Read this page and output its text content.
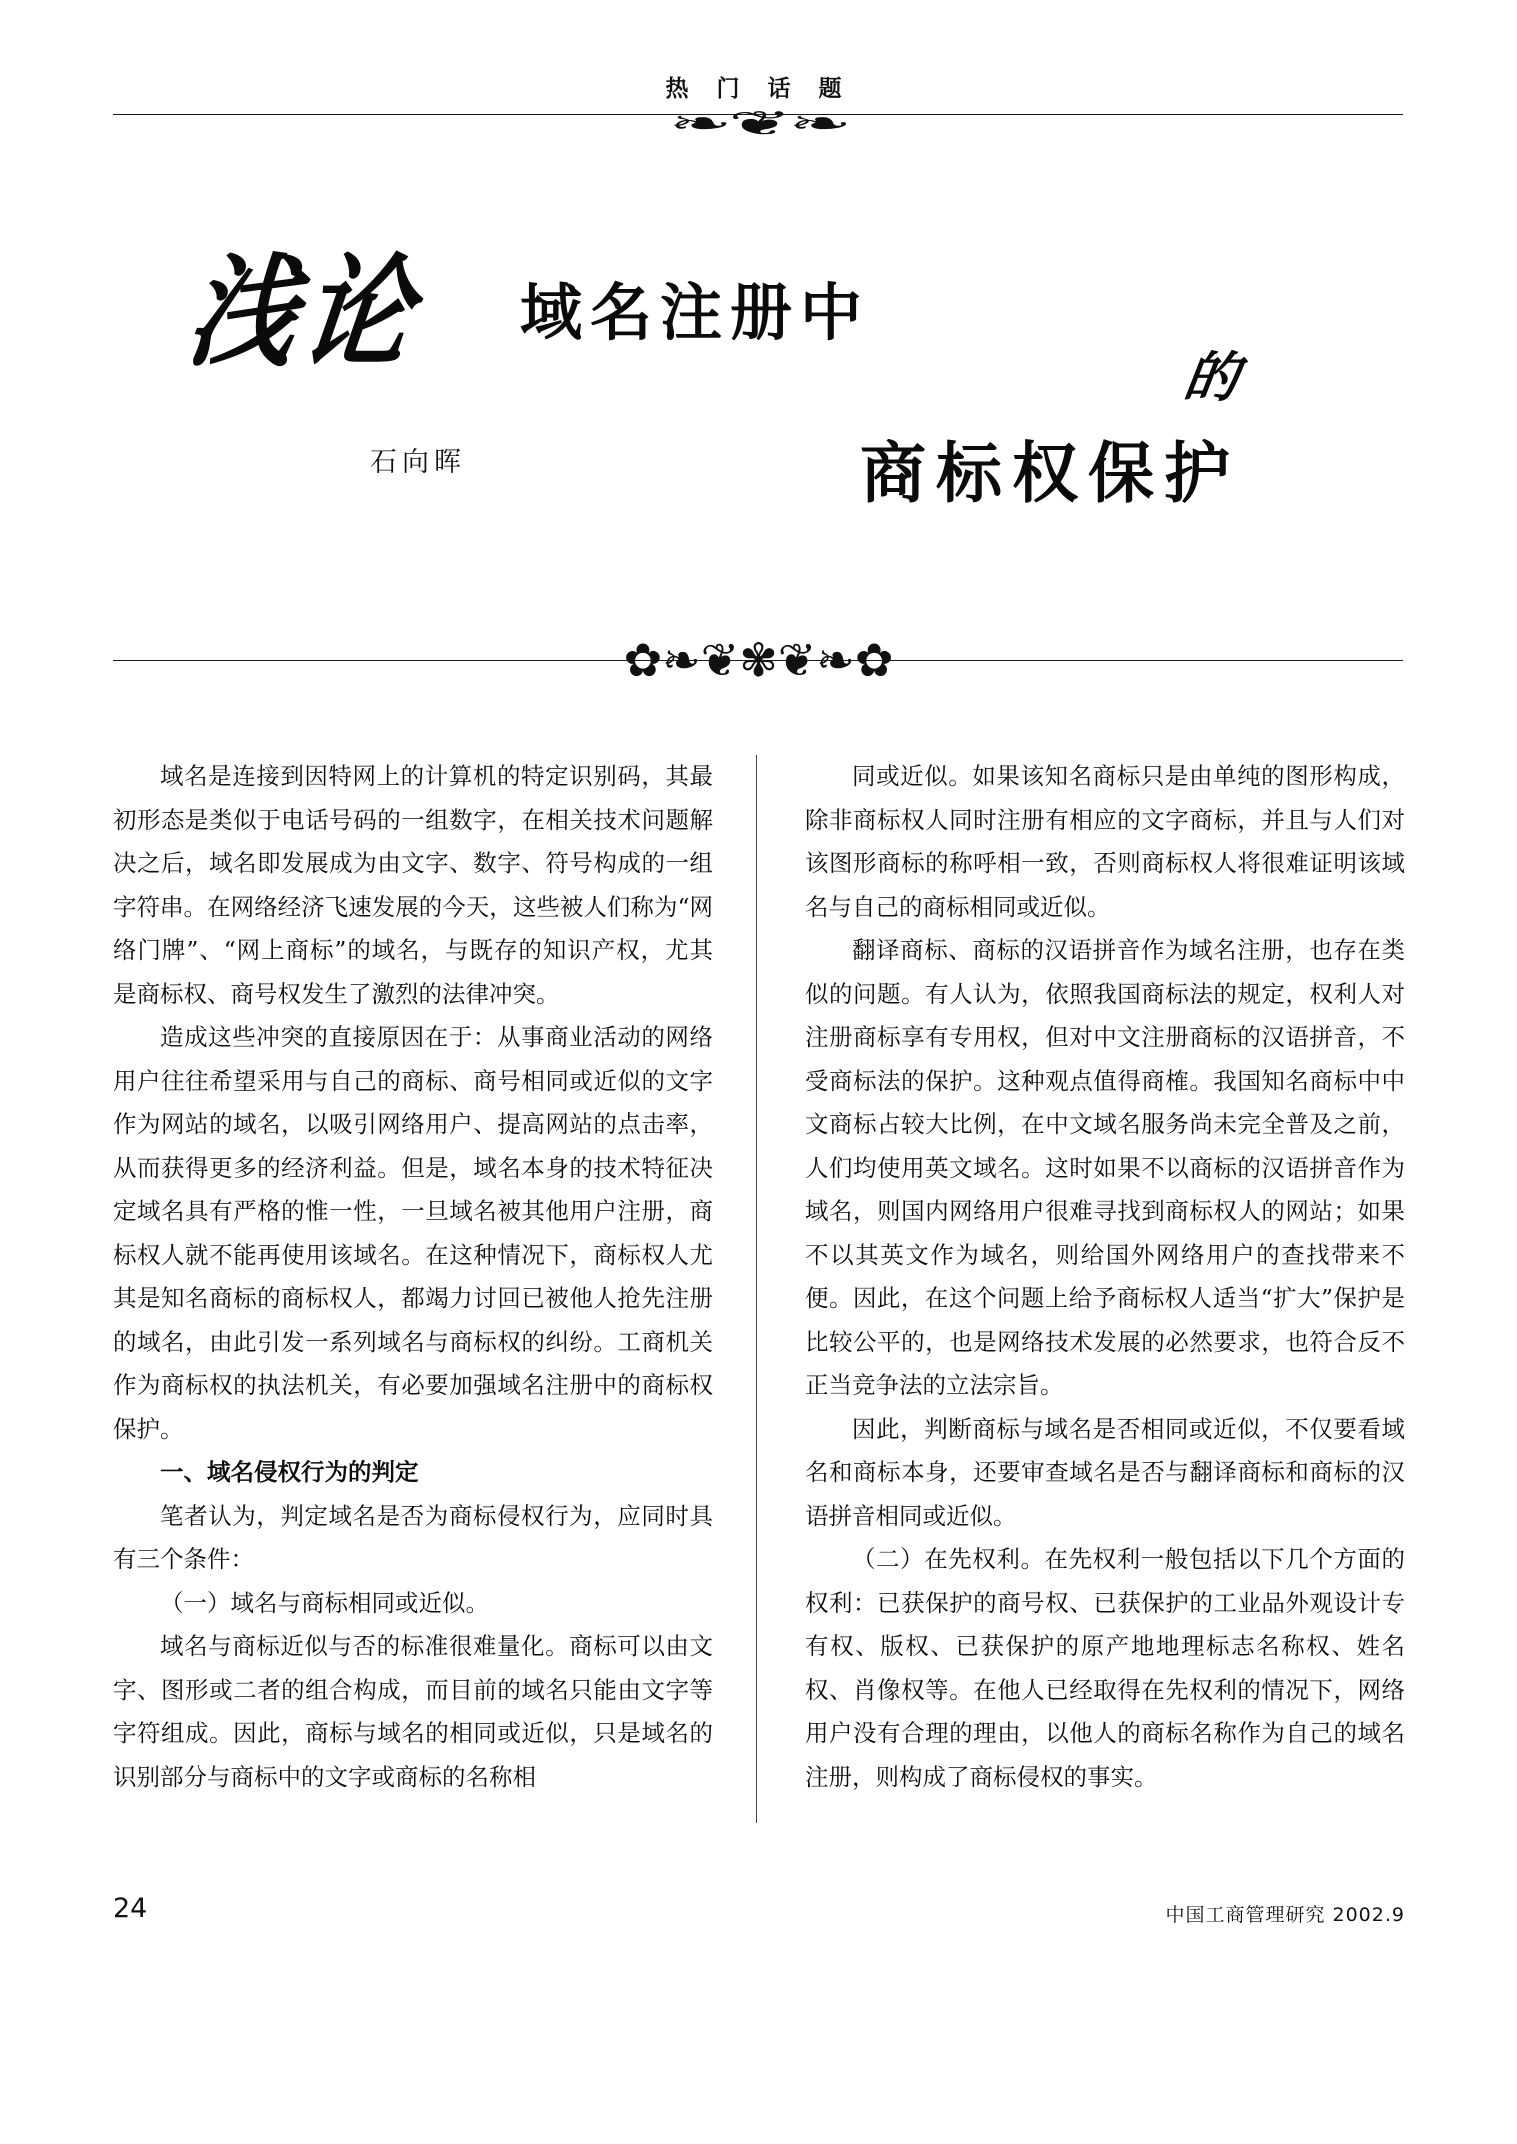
热 门 话 题
❧❦❧
浅论 域名注册中
的
商标权保护
石向晖
✿❧❦✾❦❧✿

域名是连接到因特网上的计算机的特定识别码，其最初形态是类似于电话号码的一组数字，在相关技术问题解决之后，域名即发展成为由文字、数字、符号构成的一组字符串。在网络经济飞速发展的今天，这些被人们称为“网络门牌”、“网上商标”的域名，与既存的知识产权，尤其是商标权、商号权发生了激烈的法律冲突。

造成这些冲突的直接原因在于：从事商业活动的网络用户往往希望采用与自己的商标、商号相同或近似的文字作为网站的域名，以吸引网络用户、提高网站的点击率，从而获得更多的经济利益。但是，域名本身的技术特征决定域名具有严格的惟一性，一旦域名被其他用户注册，商标权人就不能再使用该域名。在这种情况下，商标权人尤其是知名商标的商标权人，都竭力讨回已被他人抢先注册的域名，由此引发一系列域名与商标权的纠纷。工商机关作为商标权的执法机关，有必要加强域名注册中的商标权保护。

一、域名侵权行为的判定

笔者认为，判定域名是否为商标侵权行为，应同时具有三个条件：

（一）域名与商标相同或近似。

域名与商标近似与否的标准很难量化。商标可以由文字、图形或二者的组合构成，而目前的域名只能由文字等字符组成。因此，商标与域名的相同或近似，只是域名的识别部分与商标中的文字或商标的名称相

同或近似。如果该知名商标只是由单纯的图形构成，除非商标权人同时注册有相应的文字商标，并且与人们对该图形商标的称呼相一致，否则商标权人将很难证明该域名与自己的商标相同或近似。

翻译商标、商标的汉语拼音作为域名注册，也存在类似的问题。有人认为，依照我国商标法的规定，权利人对注册商标享有专用权，但对中文注册商标的汉语拼音，不受商标法的保护。这种观点值得商榷。我国知名商标中中文商标占较大比例，在中文域名服务尚未完全普及之前，人们均使用英文域名。这时如果不以商标的汉语拼音作为域名，则国内网络用户很难寻找到商标权人的网站；如果不以其英文作为域名，则给国外网络用户的查找带来不便。因此，在这个问题上给予商标权人适当“扩大”保护是比较公平的，也是网络技术发展的必然要求，也符合反不正当竞争法的立法宗旨。

因此，判断商标与域名是否相同或近似，不仅要看域名和商标本身，还要审查域名是否与翻译商标和商标的汉语拼音相同或近似。

（二）在先权利。在先权利一般包括以下几个方面的权利：已获保护的商号权、已获保护的工业品外观设计专有权、版权、已获保护的原产地地理标志名称权、姓名权、肖像权等。在他人已经取得在先权利的情况下，网络用户没有合理的理由，以他人的商标名称作为自己的域名注册，则构成了商标侵权的事实。

24	中国工商管理研究 2002.9
